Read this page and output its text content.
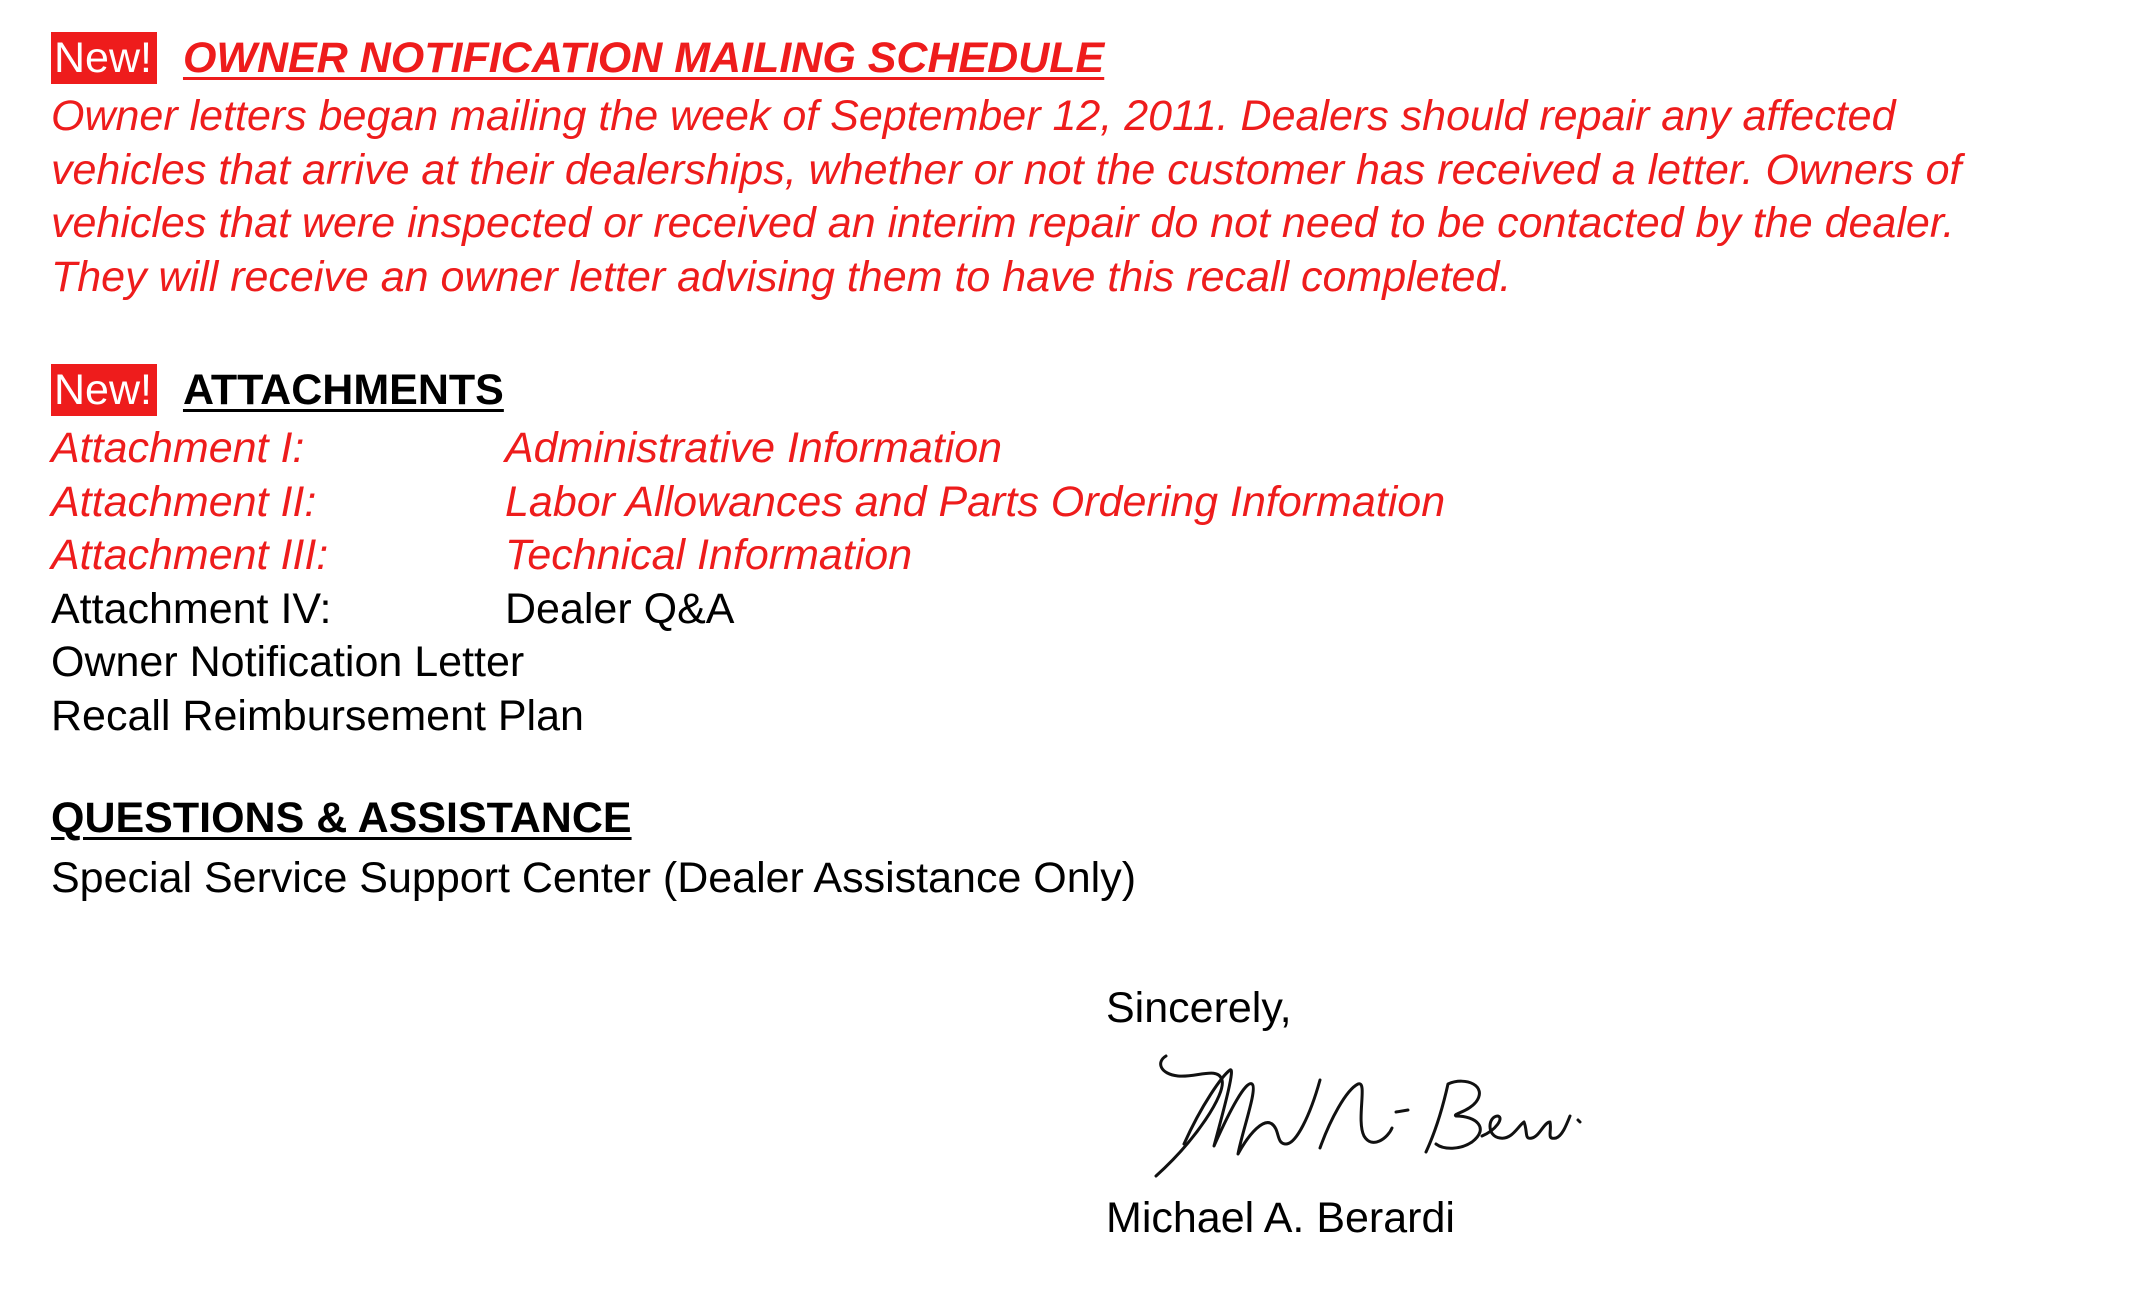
New! OWNER NOTIFICATION MAILING SCHEDULE
Owner letters began mailing the week of September 12, 2011. Dealers should repair any affected
vehicles that arrive at their dealerships, whether or not the customer has received a letter. Owners of
vehicles that were inspected or received an interim repair do not need to be contacted by the dealer.
They will receive an owner letter advising them to have this recall completed.
New! ATTACHMENTS
Attachment I:	Administrative Information
Attachment II:	Labor Allowances and Parts Ordering Information
Attachment III:	Technical Information
Attachment IV:	Dealer Q&A
Owner Notification Letter
Recall Reimbursement Plan
QUESTIONS & ASSISTANCE
Special Service Support Center (Dealer Assistance Only)
Sincerely,
Michael A. Berardi
